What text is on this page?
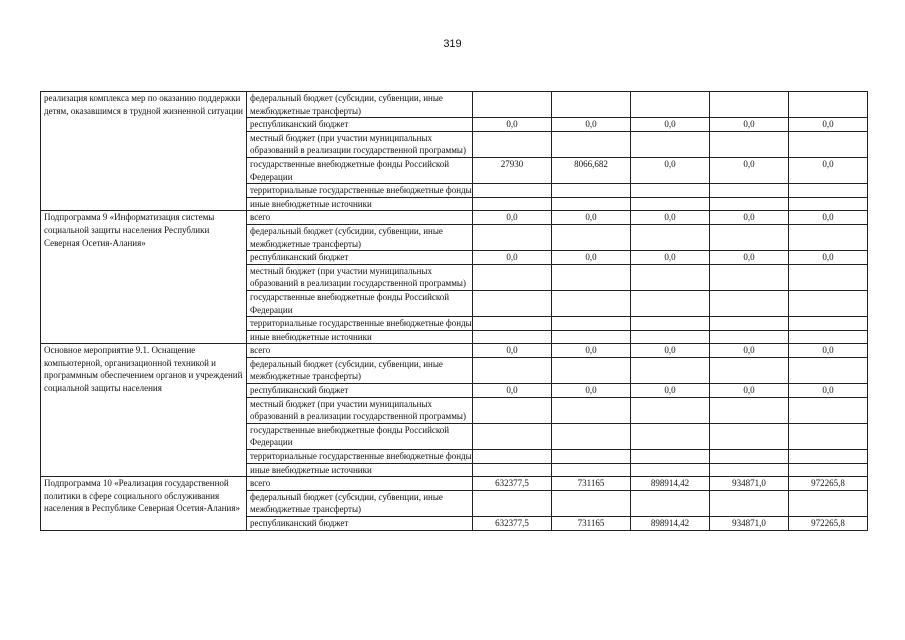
319
реализация комплекса мер по оказанию поддержки детям, оказавшимся в трудной жизненной ситуации	федеральный бюджет (субсидии, субвенции, иные межбюджетные трансферты)					
	республиканский бюджет	0,0	0,0	0,0	0,0	0,0
	местный бюджет (при участии муниципальных образований в реализации государственной программы)					
	государственные внебюджетные фонды Российской Федерации	27930	8066,682	0,0	0,0	0,0
	территориальные государственные внебюджетные фонды					
	иные внебюджетные источники					
Подпрограмма 9 «Информатизация системы социальной защиты населения Республики Северная Осетия-Алания»	всего	0,0	0,0	0,0	0,0	0,0
	федеральный бюджет (субсидии, субвенции, иные межбюджетные трансферты)					
	республиканский бюджет	0,0	0,0	0,0	0,0	0,0
	местный бюджет (при участии муниципальных образований в реализации государственной программы)					
	государственные внебюджетные фонды Российской Федерации					
	территориальные государственные внебюджетные фонды					
	иные внебюджетные источники					
Основное мероприятие 9.1. Оснащение компьютерной, организационной техникой и программным обеспечением органов и учреждений социальной защиты населения	всего	0,0	0,0	0,0	0,0	0,0
	федеральный бюджет (субсидии, субвенции, иные межбюджетные трансферты)					
	республиканский бюджет	0,0	0,0	0,0	0,0	0,0
	местный бюджет (при участии муниципальных образований в реализации государственной программы)					
	государственные внебюджетные фонды Российской Федерации					
	территориальные государственные внебюджетные фонды					
	иные внебюджетные источники					
Подпрограмма 10 «Реализация государственной политики в сфере социального обслуживания населения в Республике Северная Осетия-Алания»	всего	632377,5	731165	898914,42	934871,0	972265,8
	федеральный бюджет (субсидии, субвенции, иные межбюджетные трансферты)					
	республиканский бюджет	632377,5	731165	898914,42	934871,0	972265,8
